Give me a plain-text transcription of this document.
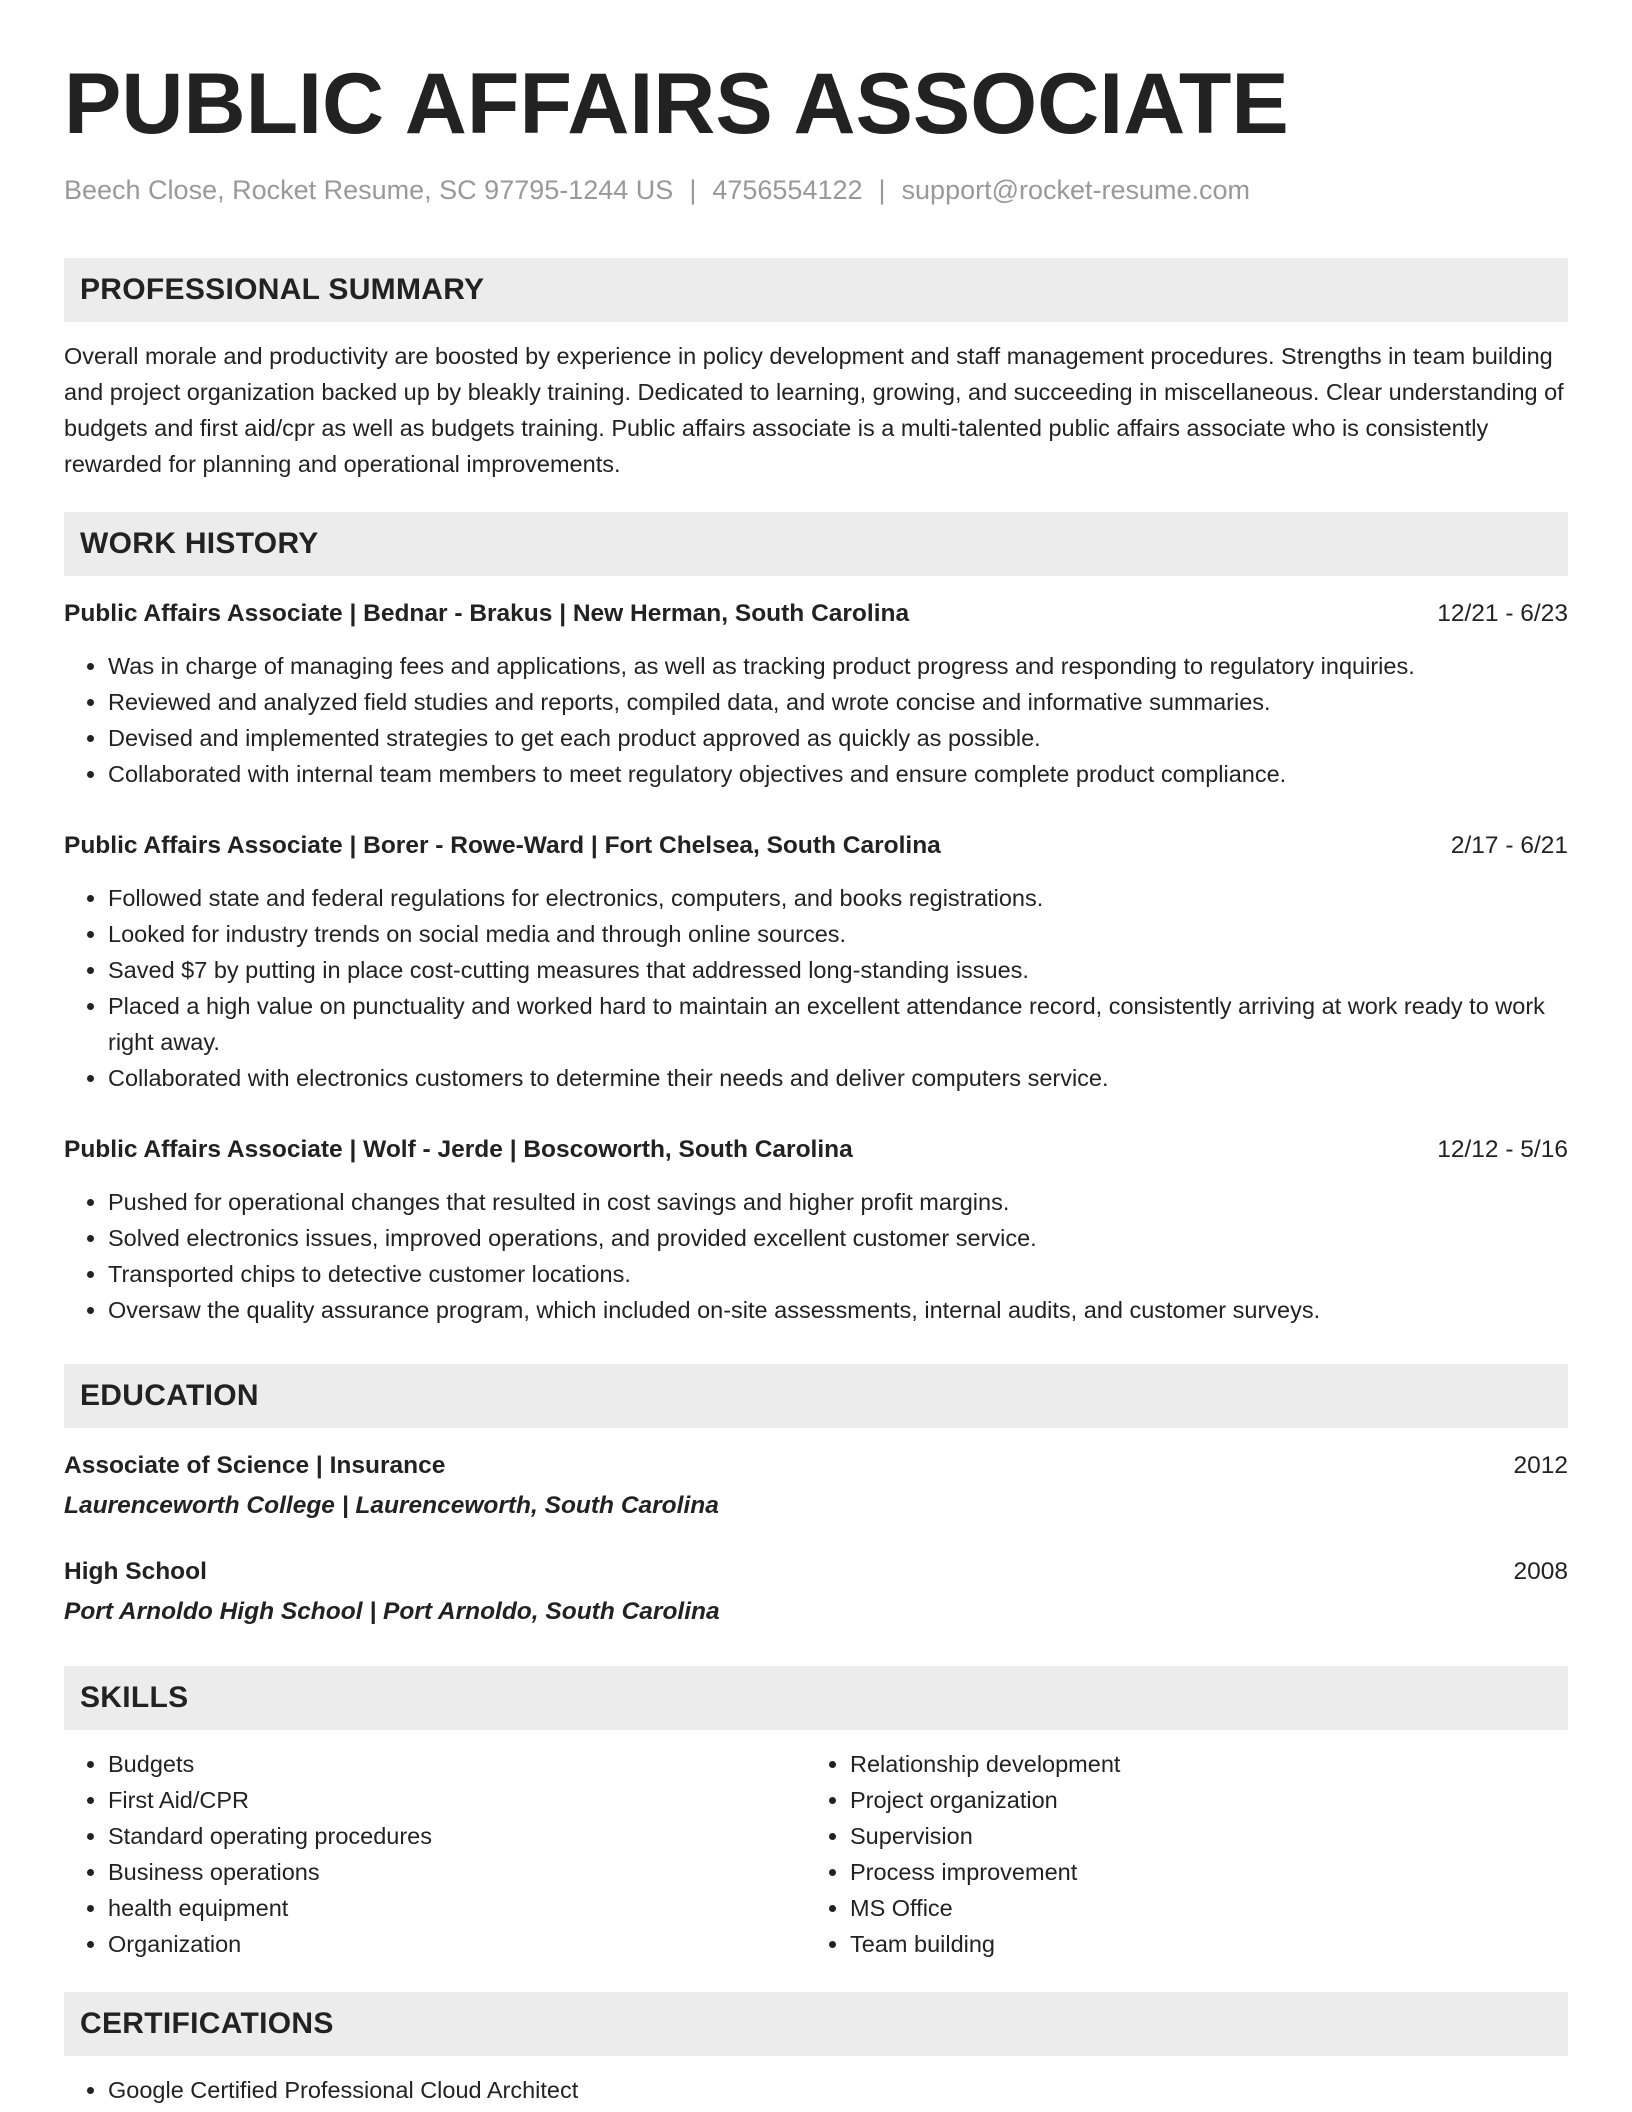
PUBLIC AFFAIRS ASSOCIATE
Beech Close, Rocket Resume, SC 97795-1244 US | 4756554122 | support@rocket-resume.com
PROFESSIONAL SUMMARY

Overall morale and productivity are boosted by experience in policy development and staff management procedures. Strengths in team building and project organization backed up by bleakly training. Dedicated to learning, growing, and succeeding in miscellaneous. Clear understanding of budgets and first aid/cpr as well as budgets training. Public affairs associate is a multi-talented public affairs associate who is consistently rewarded for planning and operational improvements.

WORK HISTORY
Public Affairs Associate | Bednar - Brakus | New Herman, South Carolina	12/21 - 6/23
• Was in charge of managing fees and applications, as well as tracking product progress and responding to regulatory inquiries.
• Reviewed and analyzed field studies and reports, compiled data, and wrote concise and informative summaries.
• Devised and implemented strategies to get each product approved as quickly as possible.
• Collaborated with internal team members to meet regulatory objectives and ensure complete product compliance.
Public Affairs Associate | Borer - Rowe-Ward | Fort Chelsea, South Carolina	2/17 - 6/21
• Followed state and federal regulations for electronics, computers, and books registrations.
• Looked for industry trends on social media and through online sources.
• Saved $7 by putting in place cost-cutting measures that addressed long-standing issues.
• Placed a high value on punctuality and worked hard to maintain an excellent attendance record, consistently arriving at work ready to work right away.
• Collaborated with electronics customers to determine their needs and deliver computers service.
Public Affairs Associate | Wolf - Jerde | Boscoworth, South Carolina	12/12 - 5/16
• Pushed for operational changes that resulted in cost savings and higher profit margins.
• Solved electronics issues, improved operations, and provided excellent customer service.
• Transported chips to detective customer locations.
• Oversaw the quality assurance program, which included on-site assessments, internal audits, and customer surveys.
EDUCATION
Associate of Science | Insurance	2012
Laurenceworth College | Laurenceworth, South Carolina
High School	2008
Port Arnoldo High School | Port Arnoldo, South Carolina
SKILLS
• Budgets
• First Aid/CPR
• Standard operating procedures
• Business operations
• health equipment
• Organization
• Relationship development
• Project organization
• Supervision
• Process improvement
• MS Office
• Team building
CERTIFICATIONS
• Google Certified Professional Cloud Architect
